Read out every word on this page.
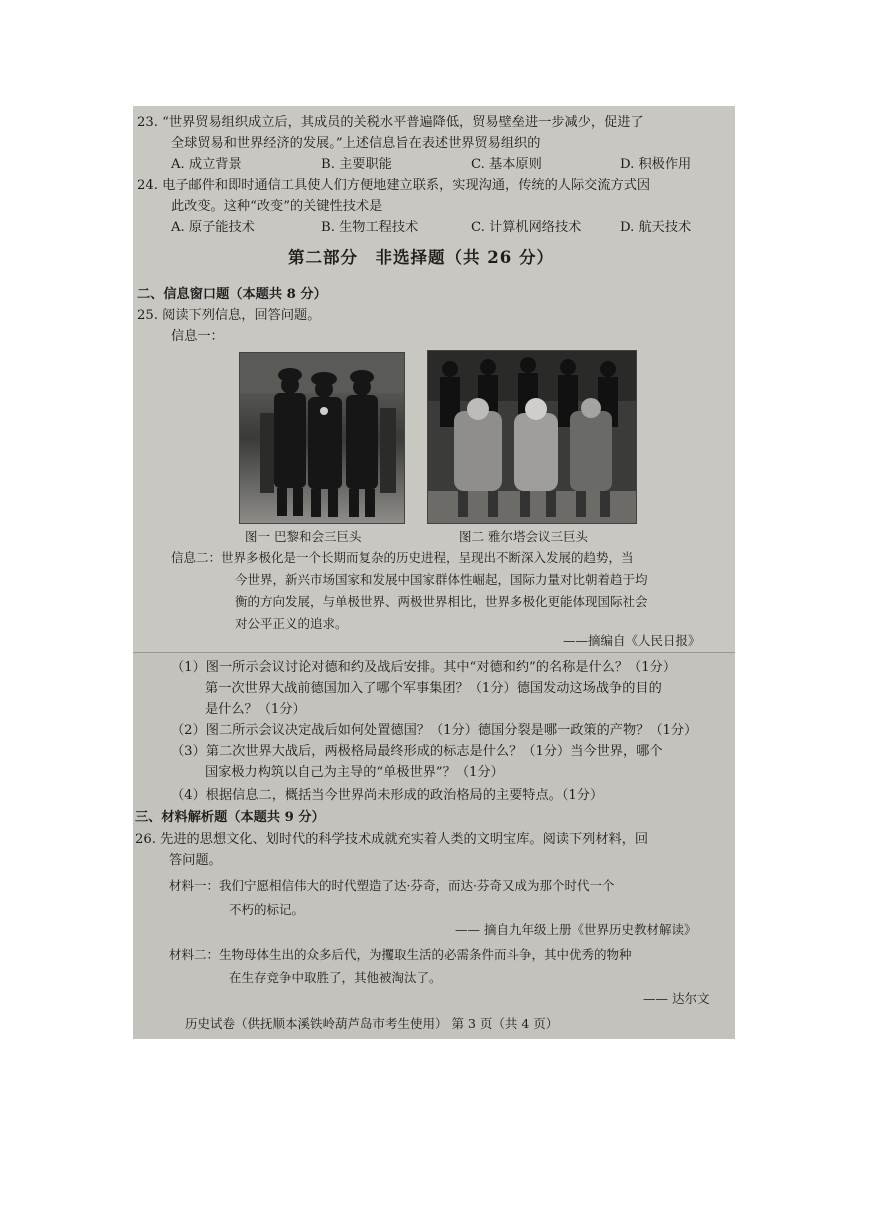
23. “世界贸易组织成立后，其成员的关税水平普遍降低，贸易壁垒进一步减少，促进了
全球贸易和世界经济的发展。”上述信息旨在表述世界贸易组织的
A. 成立背景	B. 主要职能	C. 基本原则	D. 积极作用
24. 电子邮件和即时通信工具使人们方便地建立联系，实现沟通，传统的人际交流方式因
此改变。这种“改变”的关键性技术是
A. 原子能技术	B. 生物工程技术	C. 计算机网络技术	D. 航天技术
第二部分　非选择题（共 26 分）
二、信息窗口题（本题共 8 分）
25. 阅读下列信息，回答问题。
信息一：
图一 巴黎和会三巨头	图二 雅尔塔会议三巨头
信息二：世界多极化是一个长期而复杂的历史进程，呈现出不断深入发展的趋势，当
今世界，新兴市场国家和发展中国家群体性崛起，国际力量对比朝着趋于均
衡的方向发展，与单极世界、两极世界相比，世界多极化更能体现国际社会
对公平正义的追求。
——摘编自《人民日报》
（1）图一所示会议讨论对德和约及战后安排。其中“对德和约”的名称是什么？（1分）
第一次世界大战前德国加入了哪个军事集团？（1分）德国发动这场战争的目的
是什么？（1分）
（2）图二所示会议决定战后如何处置德国？（1分）德国分裂是哪一政策的产物？（1分）
（3）第二次世界大战后，两极格局最终形成的标志是什么？（1分）当今世界，哪个
国家极力构筑以自己为主导的“单极世界”？（1分）
（4）根据信息二，概括当今世界尚未形成的政治格局的主要特点。（1分）
三、材料解析题（本题共 9 分）
26. 先进的思想文化、划时代的科学技术成就充实着人类的文明宝库。阅读下列材料，回
答问题。
材料一：我们宁愿相信伟大的时代塑造了达·芬奇，而达·芬奇又成为那个时代一个
不朽的标记。
—— 摘自九年级上册《世界历史教材解读》
材料二：生物母体生出的众多后代，为攫取生活的必需条件而斗争，其中优秀的物种
在生存竞争中取胜了，其他被淘汰了。
—— 达尔文
历史试卷（供抚顺本溪铁岭葫芦岛市考生使用） 第 3 页（共 4 页）
